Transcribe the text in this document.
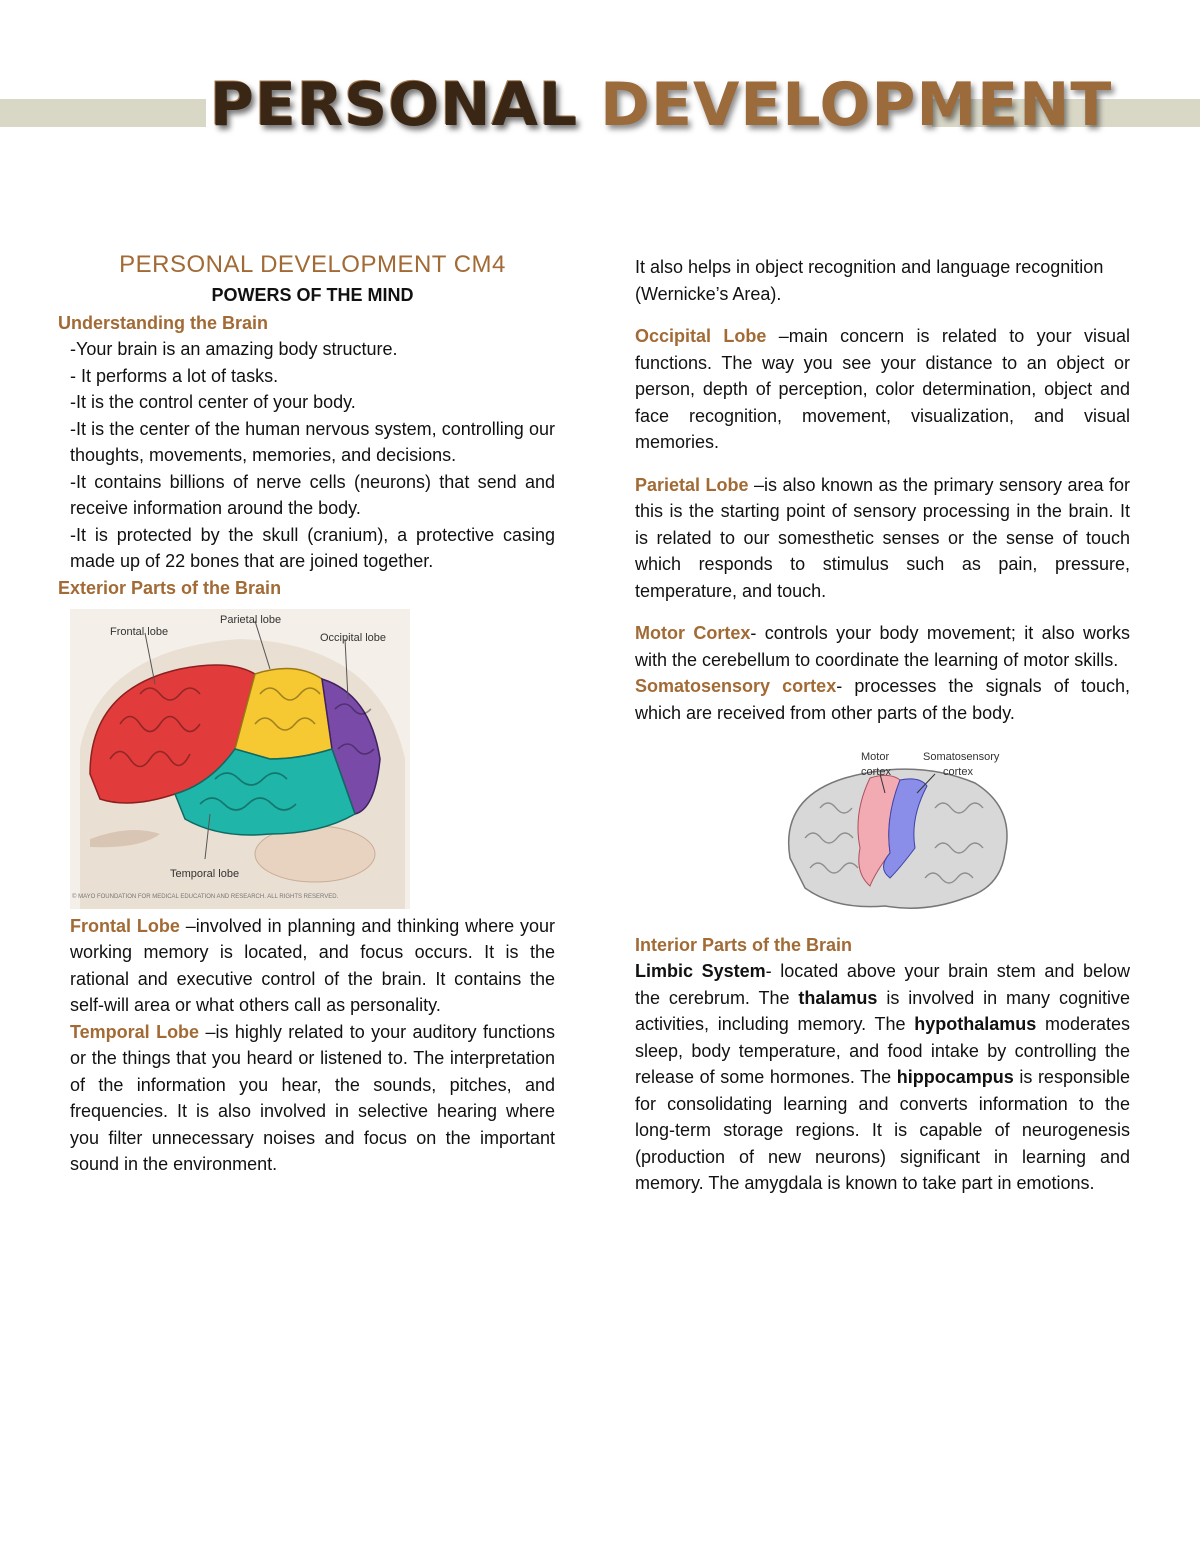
PERSONAL DEVELOPMENT
PERSONAL DEVELOPMENT CM4
POWERS OF THE MIND
Understanding the Brain
-Your brain is an amazing body structure.
- It performs a lot of tasks.
-It is the control center of your body.
-It is the center of the human nervous system, controlling our thoughts, movements, memories, and decisions.
-It contains billions of nerve cells (neurons) that send and receive information around the body.
-It is protected by the skull (cranium), a protective casing made up of 22 bones that are joined together.
Exterior Parts of the Brain
Frontal lobe
Parietal lobe
Occipital lobe
Temporal lobe
© MAYO FOUNDATION FOR MEDICAL EDUCATION AND RESEARCH. ALL RIGHTS RESERVED.

Frontal Lobe –involved in planning and thinking where your working memory is located, and focus occurs. It is the rational and executive control of the brain. It contains the self-will area or what others call as personality.

Temporal Lobe –is highly related to your auditory functions or the things that you heard or listened to. The interpretation of the information you hear, the sounds, pitches, and frequencies. It is also involved in selective hearing where you filter unnecessary noises and focus on the important sound in the environment.

It also helps in object recognition and language recognition (Wernicke’s Area).

Occipital Lobe –main concern is related to your visual functions. The way you see your distance to an object or person, depth of perception, color determination, object and face recognition, movement, visualization, and visual memories.

Parietal Lobe –is also known as the primary sensory area for this is the starting point of sensory processing in the brain. It is related to our somesthetic senses or the sense of touch which responds to stimulus such as pain, pressure, temperature, and touch.

Motor Cortex- controls your body movement; it also works with the cerebellum to coordinate the learning of motor skills.

Somatosensory cortex- processes the signals of touch, which are received from other parts of the body.

Motor
cortex
Somatosensory
cortex
Interior Parts of the Brain

Limbic System- located above your brain stem and below the cerebrum. The thalamus is involved in many cognitive activities, including memory. The hypothalamus moderates sleep, body temperature, and food intake by controlling the release of some hormones. The hippocampus is responsible for consolidating learning and converts information to the long-term storage regions. It is capable of neurogenesis (production of new neurons) significant in learning and memory. The amygdala is known to take part in emotions.
